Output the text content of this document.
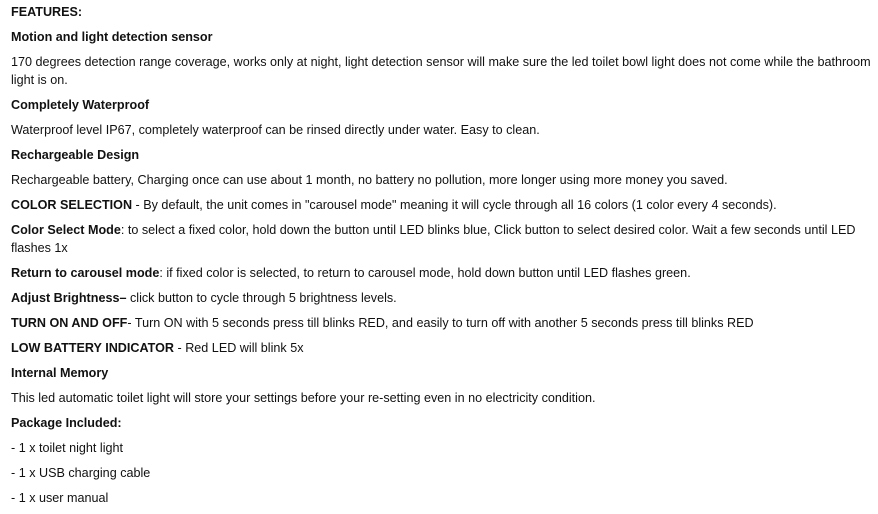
FEATURES:
Motion and light detection sensor
170 degrees detection range coverage, works only at night, light detection sensor will make sure the led toilet bowl light does not come while the bathroom light is on.
Completely Waterproof
Waterproof level IP67, completely waterproof can be rinsed directly under water. Easy to clean.
Rechargeable Design
Rechargeable battery, Charging once can use about 1 month, no battery no pollution, more longer using more money you saved.
COLOR SELECTION - By default, the unit comes in "carousel mode" meaning it will cycle through all 16 colors (1 color every 4 seconds).
Color Select Mode: to select a fixed color, hold down the button until LED blinks blue, Click button to select desired color. Wait a few seconds until LED flashes 1x
Return to carousel mode: if fixed color is selected, to return to carousel mode, hold down button until LED flashes green.
Adjust Brightness– click button to cycle through 5 brightness levels.
TURN ON AND OFF- Turn ON with 5 seconds press till blinks RED, and easily to turn off with another 5 seconds press till blinks RED
LOW BATTERY INDICATOR - Red LED will blink 5x
Internal Memory
This led automatic toilet light will store your settings before your re-setting even in no electricity condition.
Package Included:
- 1 x toilet night light
- 1 x USB charging cable
- 1 x user manual
